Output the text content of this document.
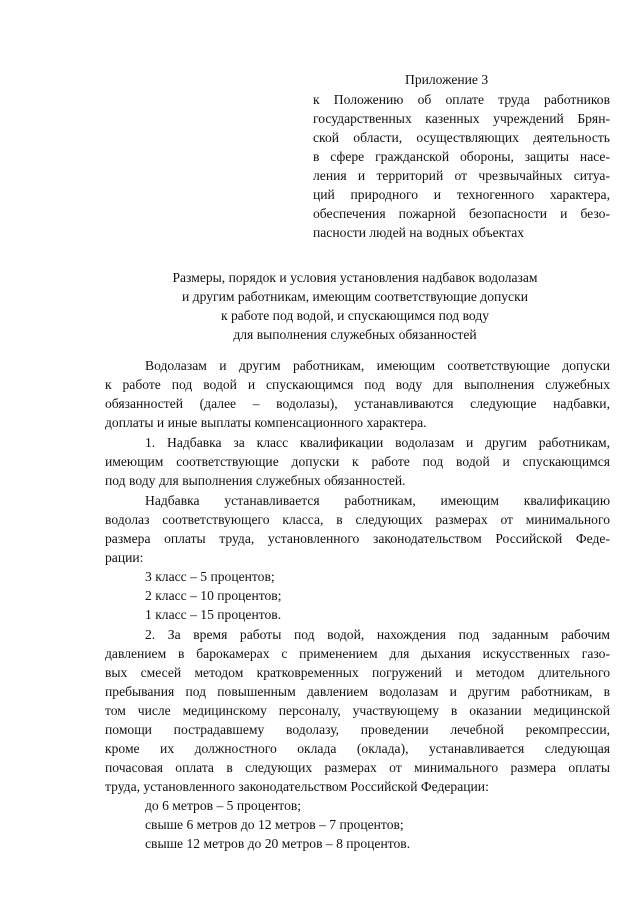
Приложение 3
к Положению об оплате труда работников
государственных казенных учреждений Брян-
ской области, осуществляющих деятельность
в сфере гражданской обороны, защиты насе-
ления и территорий от чрезвычайных ситуа-
ций природного и техногенного характера,
обеспечения пожарной безопасности и безо-
пасности людей на водных объектах
Размеры, порядок и условия установления надбавок водолазам
и другим работникам, имеющим соответствующие допуски
к работе под водой, и спускающимся под воду
для выполнения служебных обязанностей
Водолазам и другим работникам, имеющим соответствующие допуски
к работе под водой и спускающимся под воду для выполнения служебных
обязанностей (далее – водолазы), устанавливаются следующие надбавки,
доплаты и иные выплаты компенсационного характера.
1. Надбавка за класс квалификации водолазам и другим работникам,
имеющим соответствующие допуски к работе под водой и спускающимся
под воду для выполнения служебных обязанностей.
Надбавка устанавливается работникам, имеющим квалификацию
водолаз соответствующего класса, в следующих размерах от минимального
размера оплаты труда, установленного законодательством Российской Феде-
рации:
3 класс – 5 процентов;
2 класс – 10 процентов;
1 класс – 15 процентов.
2. За время работы под водой, нахождения под заданным рабочим
давлением в барокамерах с применением для дыхания искусственных газо-
вых смесей методом кратковременных погружений и методом длительного
пребывания под повышенным давлением водолазам и другим работникам, в
том числе медицинскому персоналу, участвующему в оказании медицинской
помощи пострадавшему водолазу, проведении лечебной рекомпрессии,
кроме их должностного оклада (оклада), устанавливается следующая
почасовая оплата в следующих размерах от минимального размера оплаты
труда, установленного законодательством Российской Федерации:
до 6 метров – 5 процентов;
свыше 6 метров до 12 метров – 7 процентов;
свыше 12 метров до 20 метров – 8 процентов.
